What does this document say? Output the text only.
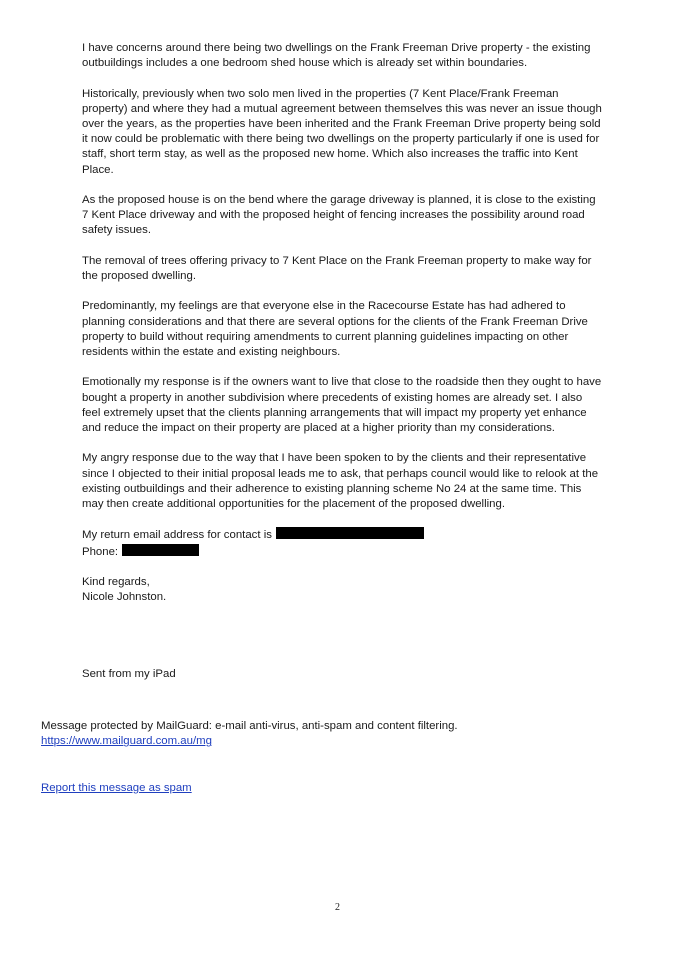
I have concerns around there being two dwellings on the Frank Freeman Drive property - the existing outbuildings includes a one bedroom shed house which is already set within boundaries.

Historically, previously when two solo men lived in the properties (7 Kent Place/Frank Freeman property) and where they had a mutual agreement between themselves this was never an issue though over the years, as the properties have been inherited and the Frank Freeman Drive property being sold it now could be problematic with there being two dwellings on the property particularly if one is used for staff, short term stay, as well as the proposed new home. Which also increases the traffic into Kent Place.

As the proposed house is on the bend where the garage driveway is planned, it is close to the existing 7 Kent Place driveway and with the proposed height of fencing increases the possibility around road safety issues.

The removal of trees offering privacy to 7 Kent Place on the Frank Freeman property to make way for the proposed dwelling.

Predominantly, my feelings are that everyone else in the Racecourse Estate has had adhered to planning considerations and that there are several options for the clients of the Frank Freeman Drive property to build without requiring amendments to current planning guidelines impacting on other residents within the estate and existing neighbours.

Emotionally my response is if the owners want to live that close to the roadside then they ought to have bought a property in another subdivision where precedents of existing homes are already set. I also feel extremely upset that the clients planning arrangements that will impact my property yet enhance and reduce the impact on their property are placed at a higher priority than my considerations.

My angry response due to the way that I have been spoken to by the clients and their representative since I objected to their initial proposal leads me to ask, that perhaps council would like to relook at the existing outbuildings and their adherence to existing planning scheme No 24 at the same time. This may then create additional opportunities for the placement of the proposed dwelling.

My return email address for contact is
Phone:

Kind regards,
Nicole Johnston.

Sent from my iPad
Message protected by MailGuard: e-mail anti-virus, anti-spam and content filtering.
https://www.mailguard.com.au/mg
Report this message as spam
2
